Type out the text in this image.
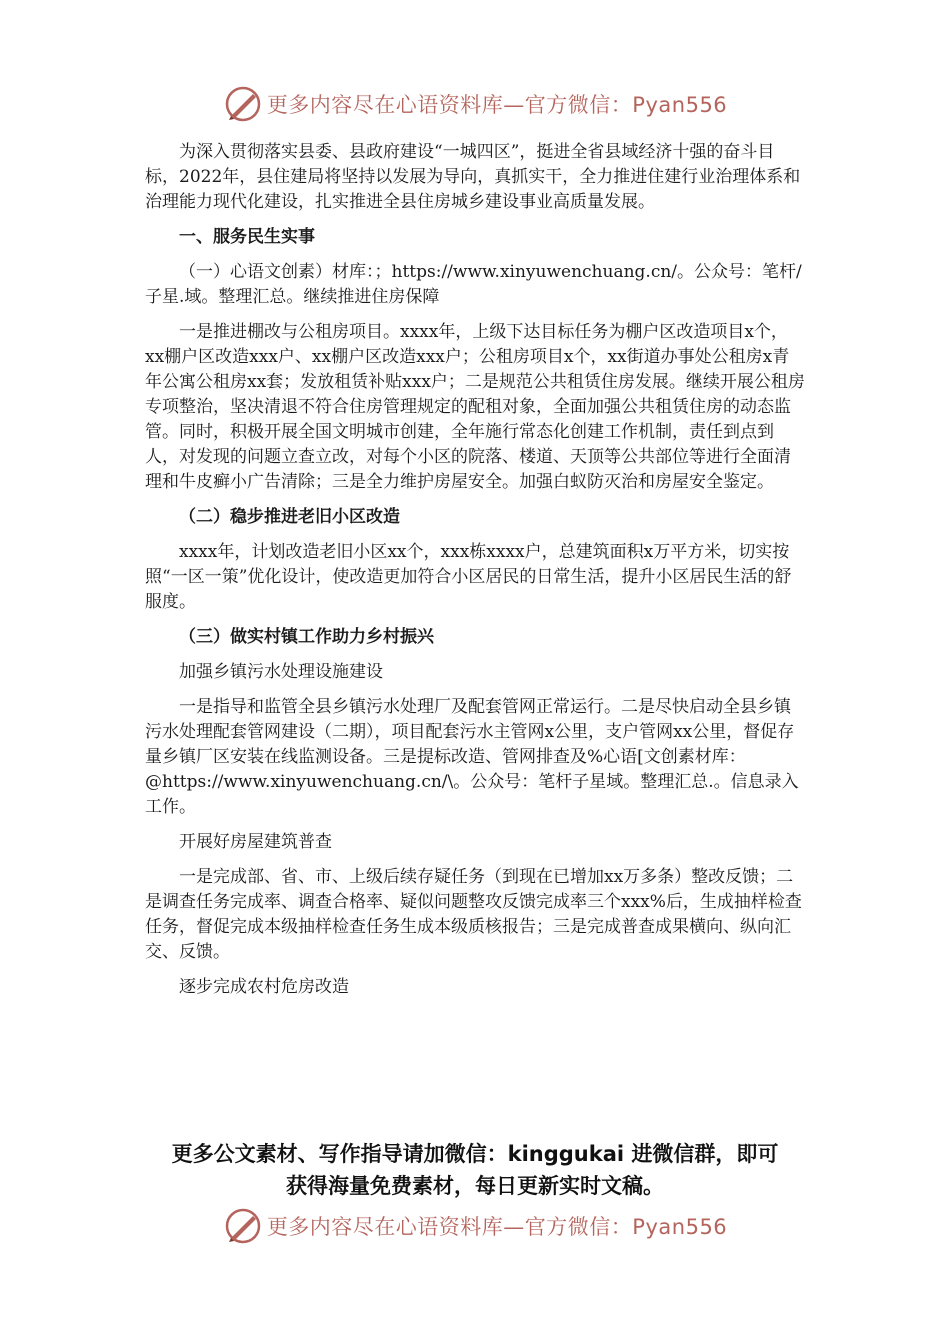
更多内容尽在心语资料库—官方微信：Pyan556

为深入贯彻落实县委、县政府建设“一城四区”，挺进全省县域经济十强的奋斗目标，2022年，县住建局将坚持以发展为导向，真抓实干，全力推进住建行业治理体系和治理能力现代化建设，扎实推进全县住房城乡建设事业高质量发展。

一、服务民生实事

（一）心语文创素）材库：；https://www.xinyuwenchuang.cn/。公众号：笔杆/子星.域。整理汇总。继续推进住房保障

一是推进棚改与公租房项目。xxxx年，上级下达目标任务为棚户区改造项目x个，xx棚户区改造xxx户、xx棚户区改造xxx户；公租房项目x个，xx街道办事处公租房x青年公寓公租房xx套；发放租赁补贴xxx户；二是规范公共租赁住房发展。继续开展公租房专项整治，坚决清退不符合住房管理规定的配租对象，全面加强公共租赁住房的动态监管。同时，积极开展全国文明城市创建，全年施行常态化创建工作机制，责任到点到人，对发现的问题立查立改，对每个小区的院落、楼道、天顶等公共部位等进行全面清理和牛皮癣小广告清除；三是全力维护房屋安全。加强白蚁防灭治和房屋安全鉴定。

（二）稳步推进老旧小区改造

xxxx年，计划改造老旧小区xx个，xxx栋xxxx户，总建筑面积x万平方米，切实按照“一区一策”优化设计，使改造更加符合小区居民的日常生活，提升小区居民生活的舒服度。

（三）做实村镇工作助力乡村振兴

加强乡镇污水处理设施建设

一是指导和监管全县乡镇污水处理厂及配套管网正常运行。二是尽快启动全县乡镇污水处理配套管网建设（二期），项目配套污水主管网x公里，支户管网xx公里，督促存量乡镇厂区安装在线监测设备。三是提标改造、管网排查及%心语[文创素材库：@https://www.xinyuwenchuang.cn/\。公众号：笔杆子星域。整理汇总.。信息录入工作。

开展好房屋建筑普查

一是完成部、省、市、上级后续存疑任务（到现在已增加xx万多条）整改反馈；二是调查任务完成率、调查合格率、疑似问题整攻反馈完成率三个xxx%后，生成抽样检查任务，督促完成本级抽样检查任务生成本级质核报告；三是完成普查成果横向、纵向汇交、反馈。

逐步完成农村危房改造

更多公文素材、写作指导请加微信：kinggukai 进微信群，即可
获得海量免费素材，每日更新实时文稿。
更多内容尽在心语资料库—官方微信：Pyan556
